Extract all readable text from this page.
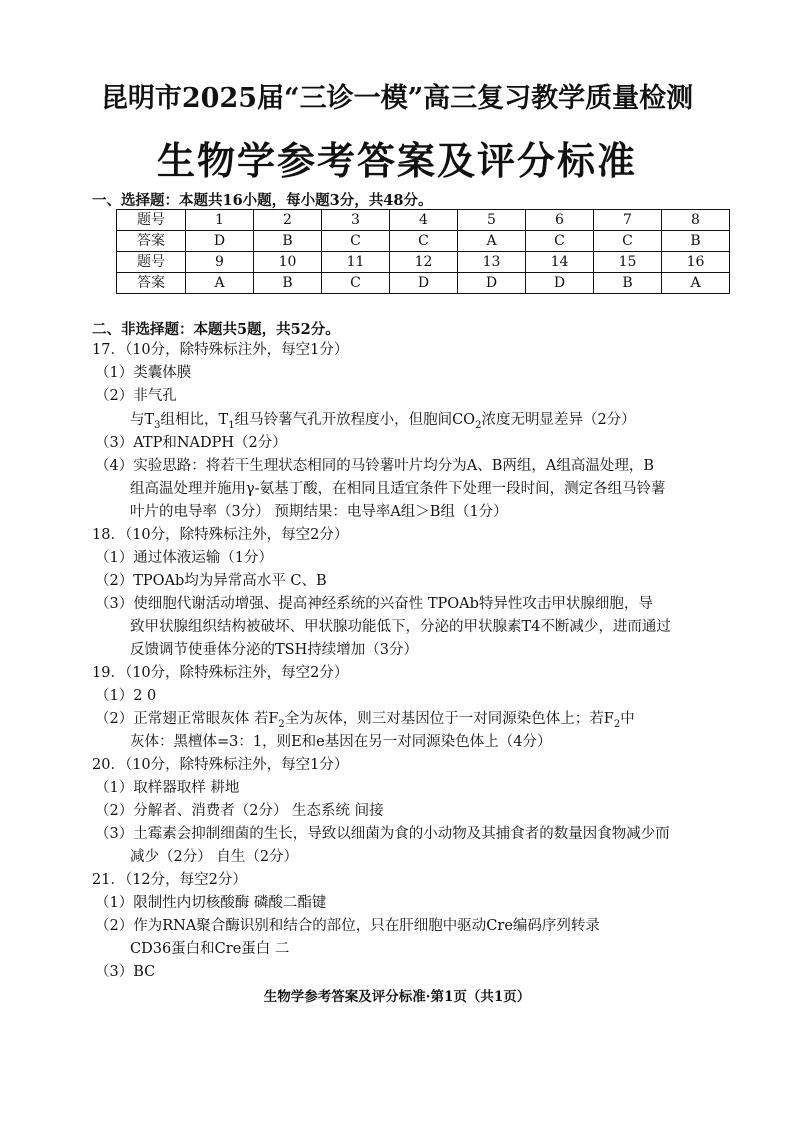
昆明市2025届“三诊一模”高三复习教学质量检测
生物学参考答案及评分标准
一、选择题：本题共16小题，每小题3分，共48分。
题号	1	2	3	4	5	6	7	8
答案	D	B	C	C	A	C	C	B
题号	9	10	11	12	13	14	15	16
答案	A	B	C	D	D	D	B	A
二、非选择题：本题共5题，共52分。
17．（10分，除特殊标注外，每空1分）
（1）类囊体膜
（2）非气孔
与$T_3$组相比，$T_1$组马铃薯气孔开放程度小，但胞间$CO_2$浓度无明显差异（2分）
（3）ATP和NADPH（2分）
（4）实验思路：将若干生理状态相同的马铃薯叶片均分为A、B两组，A组高温处理，B
组高温处理并施用γ-氨基丁酸，在相同且适宜条件下处理一段时间，测定各组马铃薯
叶片的电导率（3分） 预期结果：电导率A组＞B组（1分）
18．（10分，除特殊标注外，每空2分）
（1）通过体液运输（1分）
（2）TPOAb均为异常高水平 C、B
（3）使细胞代谢活动增强、提高神经系统的兴奋性 TPOAb特异性攻击甲状腺细胞，导
致甲状腺组织结构被破坏、甲状腺功能低下，分泌的甲状腺素T4不断减少，进而通过
反馈调节使垂体分泌的TSH持续增加（3分）
19．（10分，除特殊标注外，每空2分）
（1）2 0
（2）正常翅正常眼灰体 若$F_2$全为灰体，则三对基因位于一对同源染色体上；若$F_2$中
灰体：黑檀体=3：1，则E和e基因在另一对同源染色体上（4分）
20．（10分，除特殊标注外，每空1分）
（1）取样器取样 耕地
（2）分解者、消费者（2分） 生态系统 间接
（3）土霉素会抑制细菌的生长，导致以细菌为食的小动物及其捕食者的数量因食物减少而
减少（2分） 自生（2分）
21．（12分，每空2分）
（1）限制性内切核酸酶 磷酸二酯键
（2）作为RNA聚合酶识别和结合的部位，只在肝细胞中驱动Cre编码序列转录
CD36蛋白和Cre蛋白 二
（3）BC
生物学参考答案及评分标准·第1页（共1页）
